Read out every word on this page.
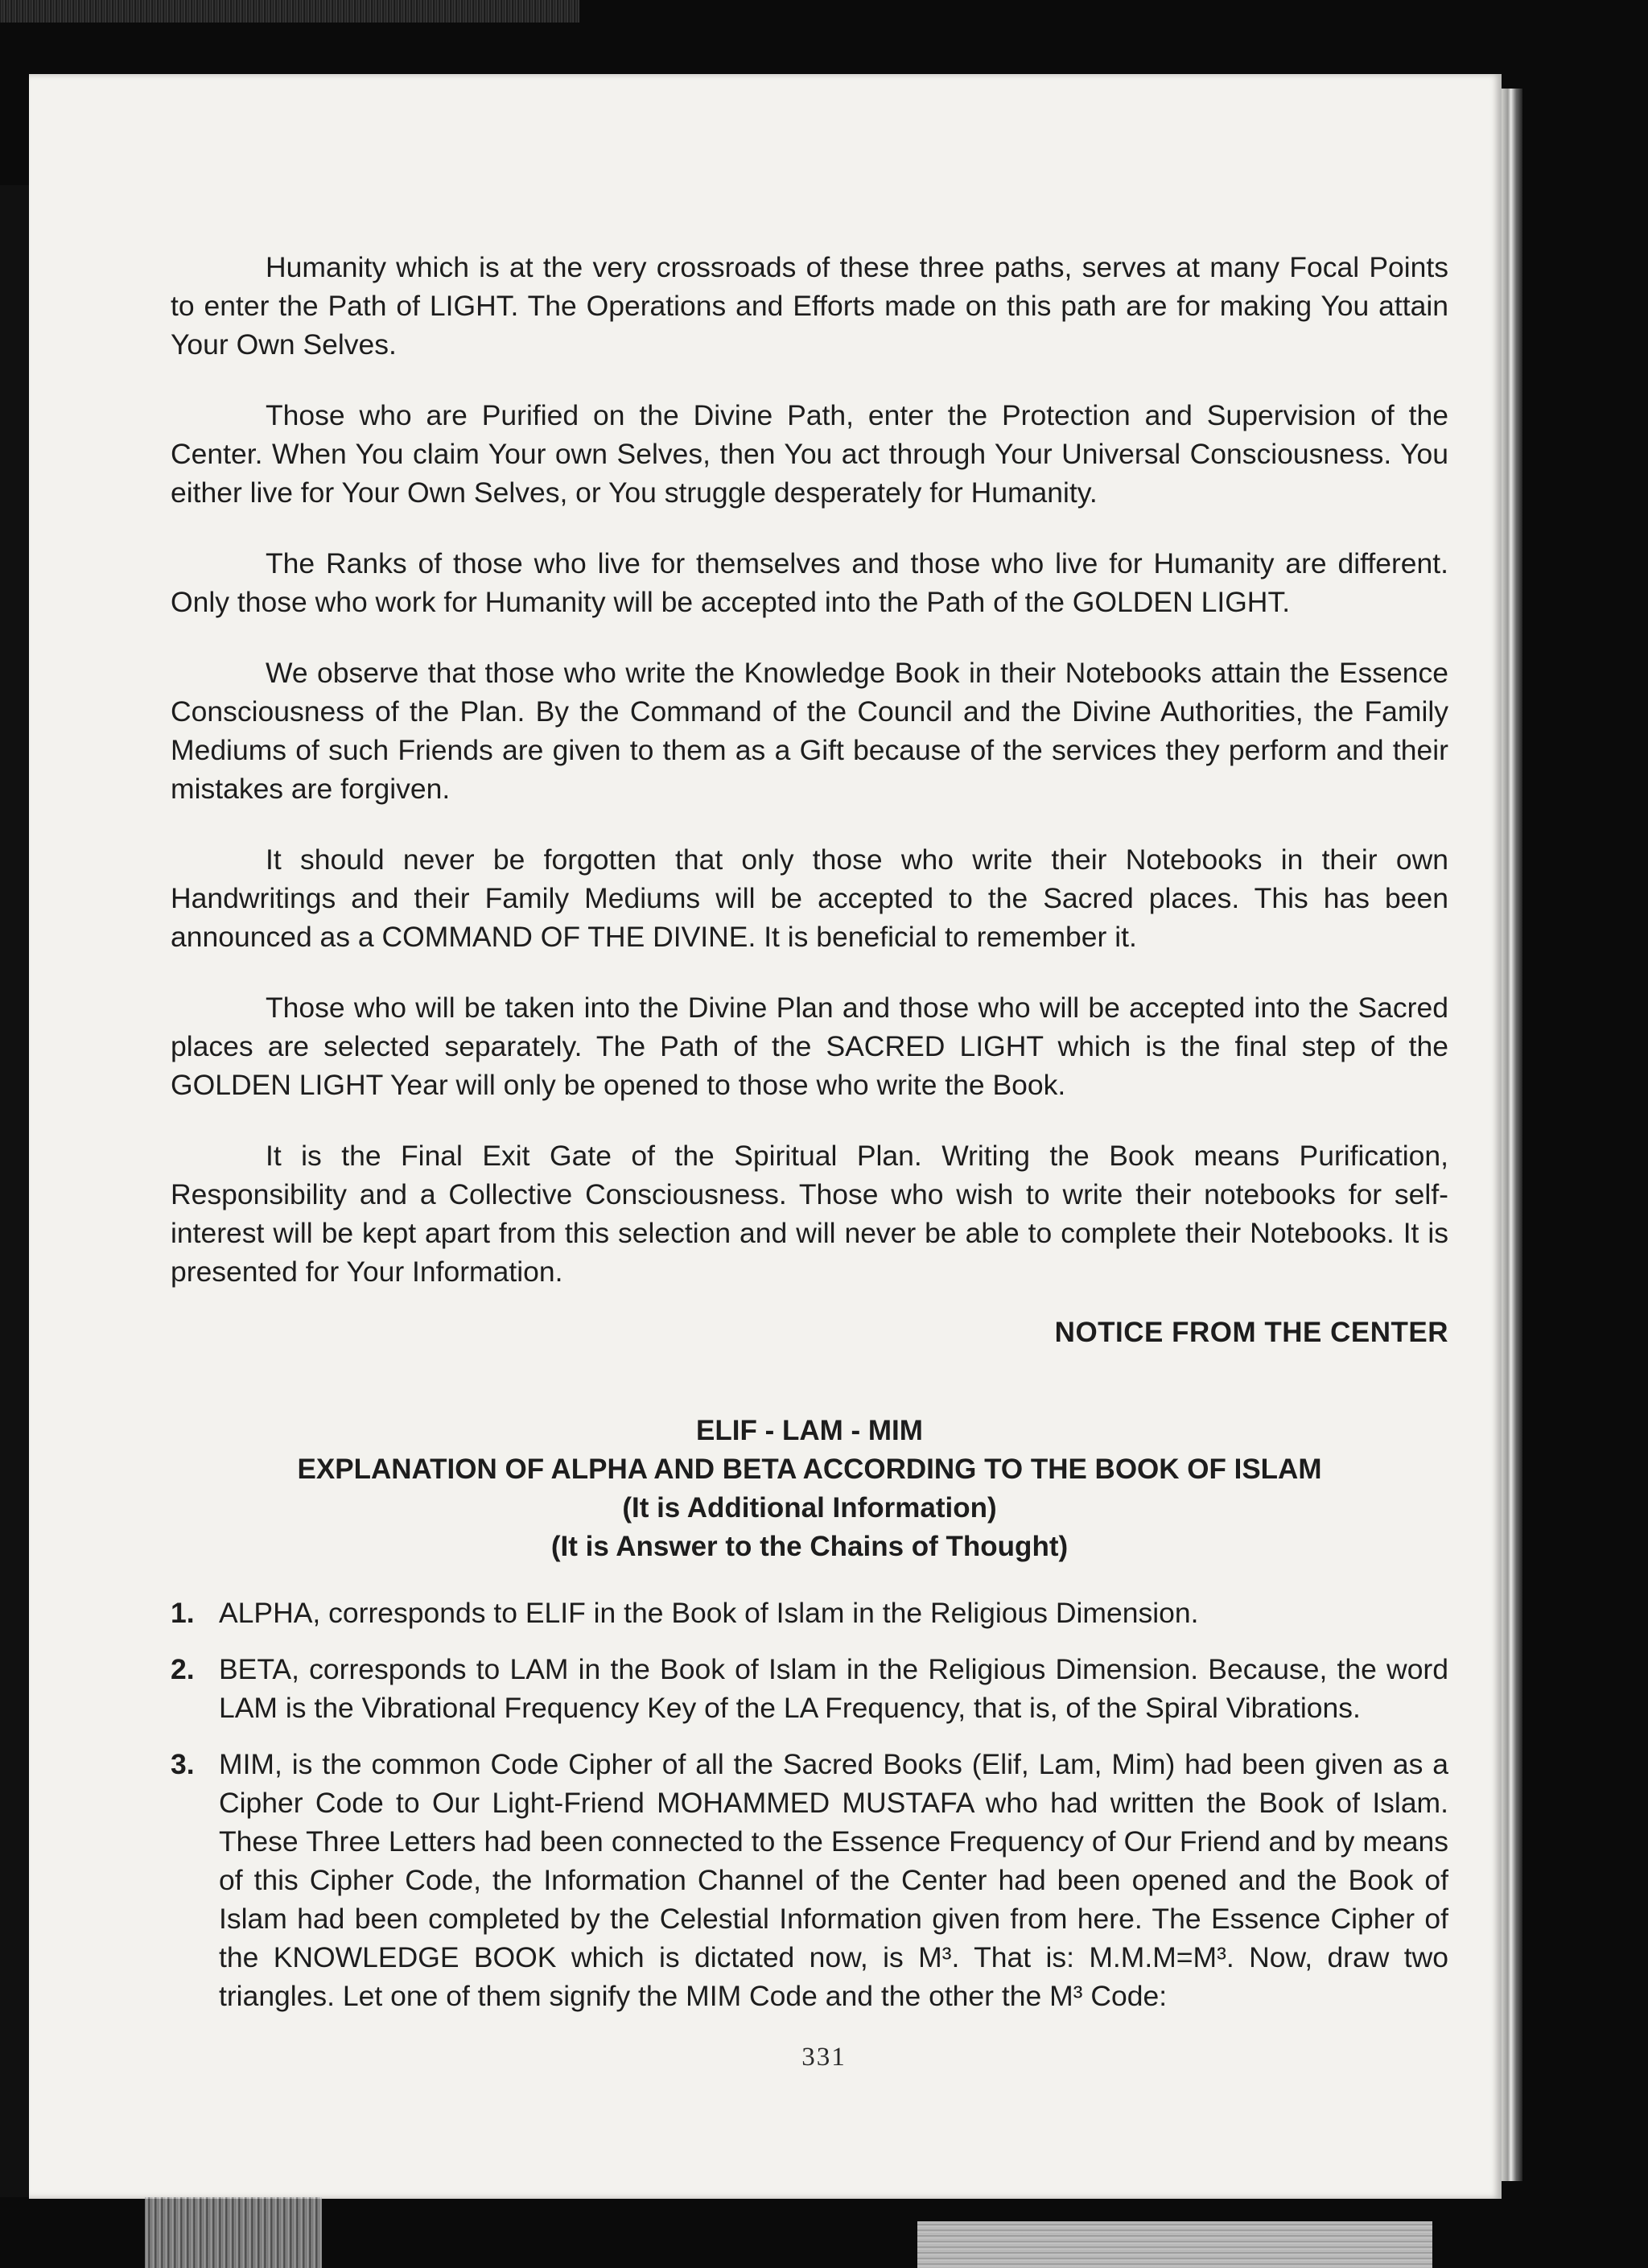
Humanity which is at the very crossroads of these three paths, serves at many Focal Points to enter the Path of LIGHT. The Operations and Efforts made on this path are for making You attain Your Own Selves.

Those who are Purified on the Divine Path, enter the Protection and Supervision of the Center. When You claim Your own Selves, then You act through Your Universal Consciousness. You either live for Your Own Selves, or You struggle desperately for Humanity.

The Ranks of those who live for themselves and those who live for Humanity are different. Only those who work for Humanity will be accepted into the Path of the GOLDEN LIGHT.

We observe that those who write the Knowledge Book in their Notebooks attain the Essence Consciousness of the Plan. By the Command of the Council and the Divine Authorities, the Family Mediums of such Friends are given to them as a Gift because of the services they perform and their mistakes are forgiven.

It should never be forgotten that only those who write their Notebooks in their own Handwritings and their Family Mediums will be accepted to the Sacred places. This has been announced as a COMMAND OF THE DIVINE. It is beneficial to remember it.

Those who will be taken into the Divine Plan and those who will be accepted into the Sacred places are selected separately. The Path of the SACRED LIGHT which is the final step of the GOLDEN LIGHT Year will only be opened to those who write the Book.

It is the Final Exit Gate of the Spiritual Plan. Writing the Book means Purification, Responsibility and a Collective Consciousness. Those who wish to write their notebooks for self-interest will be kept apart from this selection and will never be able to complete their Notebooks. It is presented for Your Information.

NOTICE FROM THE CENTER
ELIF - LAM - MIM
EXPLANATION OF ALPHA AND BETA ACCORDING TO THE BOOK OF ISLAM
(It is Additional Information)
(It is Answer to the Chains of Thought)
1. ALPHA, corresponds to ELIF in the Book of Islam in the Religious Dimension.
2. BETA, corresponds to LAM in the Book of Islam in the Religious Dimension. Because, the word LAM is the Vibrational Frequency Key of the LA Frequency, that is, of the Spiral Vibrations.
3. MIM, is the common Code Cipher of all the Sacred Books (Elif, Lam, Mim) had been given as a Cipher Code to Our Light-Friend MOHAMMED MUSTAFA who had written the Book of Islam. These Three Letters had been connected to the Essence Frequency of Our Friend and by means of this Cipher Code, the Information Channel of the Center had been opened and the Book of Islam had been completed by the Celestial Information given from here. The Essence Cipher of the KNOWLEDGE BOOK which is dictated now, is M³. That is: M.M.M=M³. Now, draw two triangles. Let one of them signify the MIM Code and the other the M³ Code:
331
